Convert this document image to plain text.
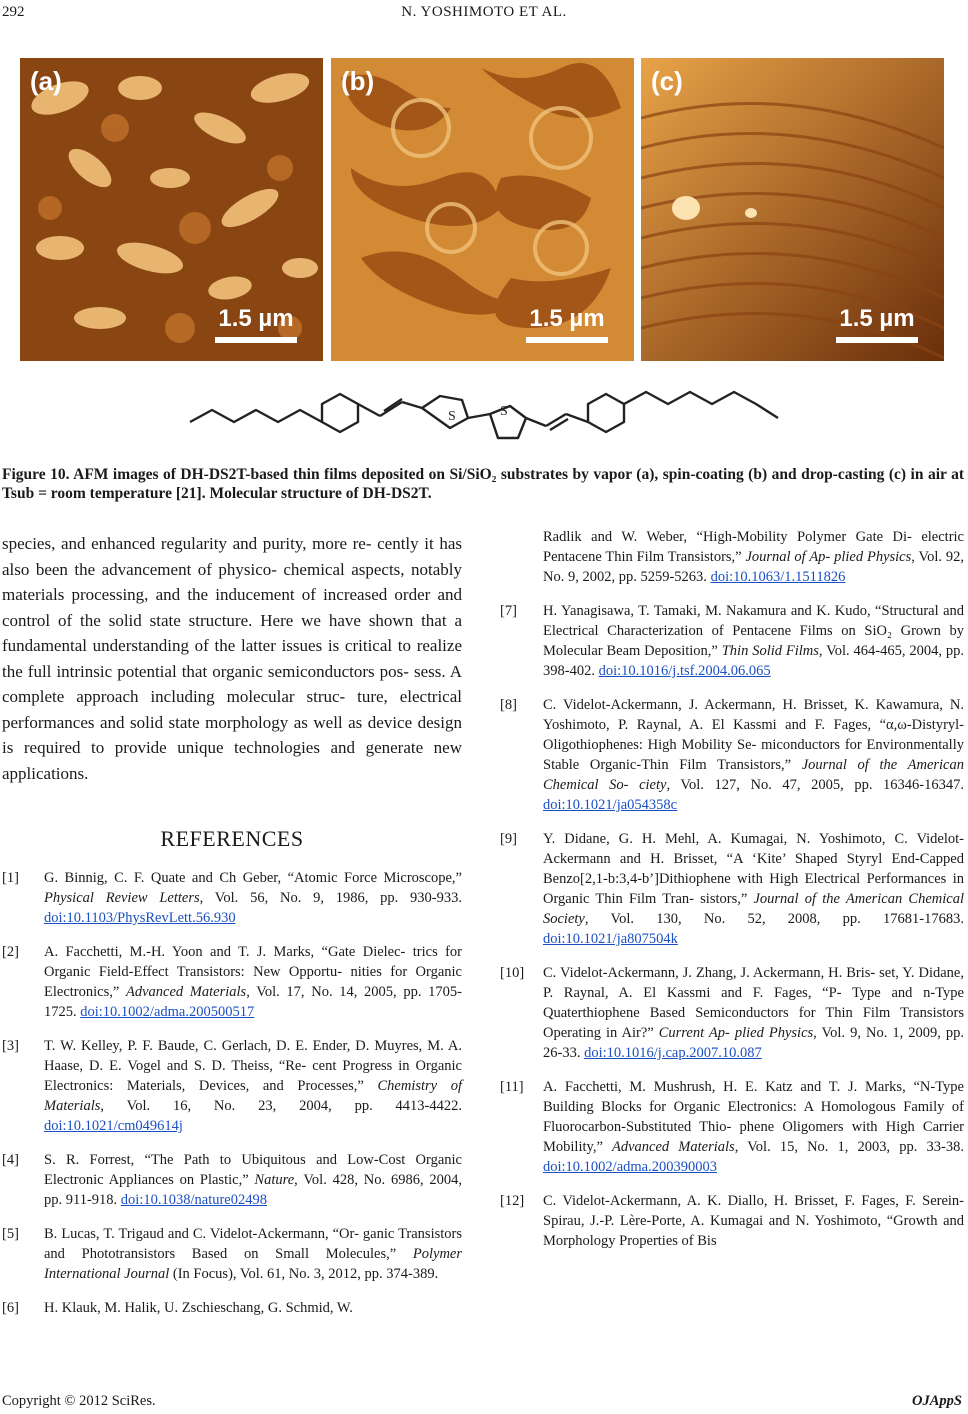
292	N. YOSHIMOTO ET AL.
(a)
1.5 µm
(b)
1.5 µm
(c)
1.5 µm
S	S
Figure 10. AFM images of DH-DS2T-based thin films deposited on Si/SiO₂ substrates by vapor (a), spin-coating (b) and drop-casting (c) in air at Tsub = room temperature [21]. Molecular structure of DH-DS2T.

species, and enhanced regularity and purity, more re- cently it has also been the advancement of physico- chemical aspects, notably materials processing, and the inducement of increased order and control of the solid state structure. Here we have shown that a fundamental understanding of the latter issues is critical to realize the full intrinsic potential that organic semiconductors pos- sess. A complete approach including molecular struc- ture, electrical performances and solid state morphology as well as device design is required to provide unique technologies and generate new applications.

REFERENCES
[1] G. Binnig, C. F. Quate and Ch Geber, “Atomic Force Microscope,” Physical Review Letters, Vol. 56, No. 9, 1986, pp. 930-933. doi:10.1103/PhysRevLett.56.930
[2] A. Facchetti, M.-H. Yoon and T. J. Marks, “Gate Dielec- trics for Organic Field-Effect Transistors: New Opportu- nities for Organic Electronics,” Advanced Materials, Vol. 17, No. 14, 2005, pp. 1705-1725. doi:10.1002/adma.200500517
[3] T. W. Kelley, P. F. Baude, C. Gerlach, D. E. Ender, D. Muyres, M. A. Haase, D. E. Vogel and S. D. Theiss, “Re- cent Progress in Organic Electronics: Materials, Devices, and Processes,” Chemistry of Materials, Vol. 16, No. 23, 2004, pp. 4413-4422. doi:10.1021/cm049614j
[4] S. R. Forrest, “The Path to Ubiquitous and Low-Cost Organic Electronic Appliances on Plastic,” Nature, Vol. 428, No. 6986, 2004, pp. 911-918. doi:10.1038/nature02498
[5] B. Lucas, T. Trigaud and C. Videlot-Ackermann, “Or- ganic Transistors and Phototransistors Based on Small Molecules,” Polymer International Journal (In Focus), Vol. 61, No. 3, 2012, pp. 374-389.
[6] H. Klauk, M. Halik, U. Zschieschang, G. Schmid, W.
Radlik and W. Weber, “High-Mobility Polymer Gate Di- electric Pentacene Thin Film Transistors,” Journal of Ap- plied Physics, Vol. 92, No. 9, 2002, pp. 5259-5263. doi:10.1063/1.1511826
[7] H. Yanagisawa, T. Tamaki, M. Nakamura and K. Kudo, “Structural and Electrical Characterization of Pentacene Films on SiO₂ Grown by Molecular Beam Deposition,” Thin Solid Films, Vol. 464-465, 2004, pp. 398-402. doi:10.1016/j.tsf.2004.06.065
[8] C. Videlot-Ackermann, J. Ackermann, H. Brisset, K. Kawamura, N. Yoshimoto, P. Raynal, A. El Kassmi and F. Fages, “α,ω-Distyryl-Oligothiophenes: High Mobility Se- miconductors for Environmentally Stable Organic-Thin Film Transistors,” Journal of the American Chemical So- ciety, Vol. 127, No. 47, 2005, pp. 16346-16347. doi:10.1021/ja054358c
[9] Y. Didane, G. H. Mehl, A. Kumagai, N. Yoshimoto, C. Videlot-Ackermann and H. Brisset, “A ‘Kite’ Shaped Styryl End-Capped Benzo[2,1-b:3,4-b’]Dithiophene with High Electrical Performances in Organic Thin Film Tran- sistors,” Journal of the American Chemical Society, Vol. 130, No. 52, 2008, pp. 17681-17683. doi:10.1021/ja807504k
[10] C. Videlot-Ackermann, J. Zhang, J. Ackermann, H. Bris- set, Y. Didane, P. Raynal, A. El Kassmi and F. Fages, “P- Type and n-Type Quaterthiophene Based Semiconductors for Thin Film Transistors Operating in Air?” Current Ap- plied Physics, Vol. 9, No. 1, 2009, pp. 26-33. doi:10.1016/j.cap.2007.10.087
[11] A. Facchetti, M. Mushrush, H. E. Katz and T. J. Marks, “N-Type Building Blocks for Organic Electronics: A Homologous Family of Fluorocarbon-Substituted Thio- phene Oligomers with High Carrier Mobility,” Advanced Materials, Vol. 15, No. 1, 2003, pp. 33-38. doi:10.1002/adma.200390003
[12] C. Videlot-Ackermann, A. K. Diallo, H. Brisset, F. Fages, F. Serein-Spirau, J.-P. Lère-Porte, A. Kumagai and N. Yoshimoto, “Growth and Morphology Properties of Bis
Copyright © 2012 SciRes.	OJAppS
